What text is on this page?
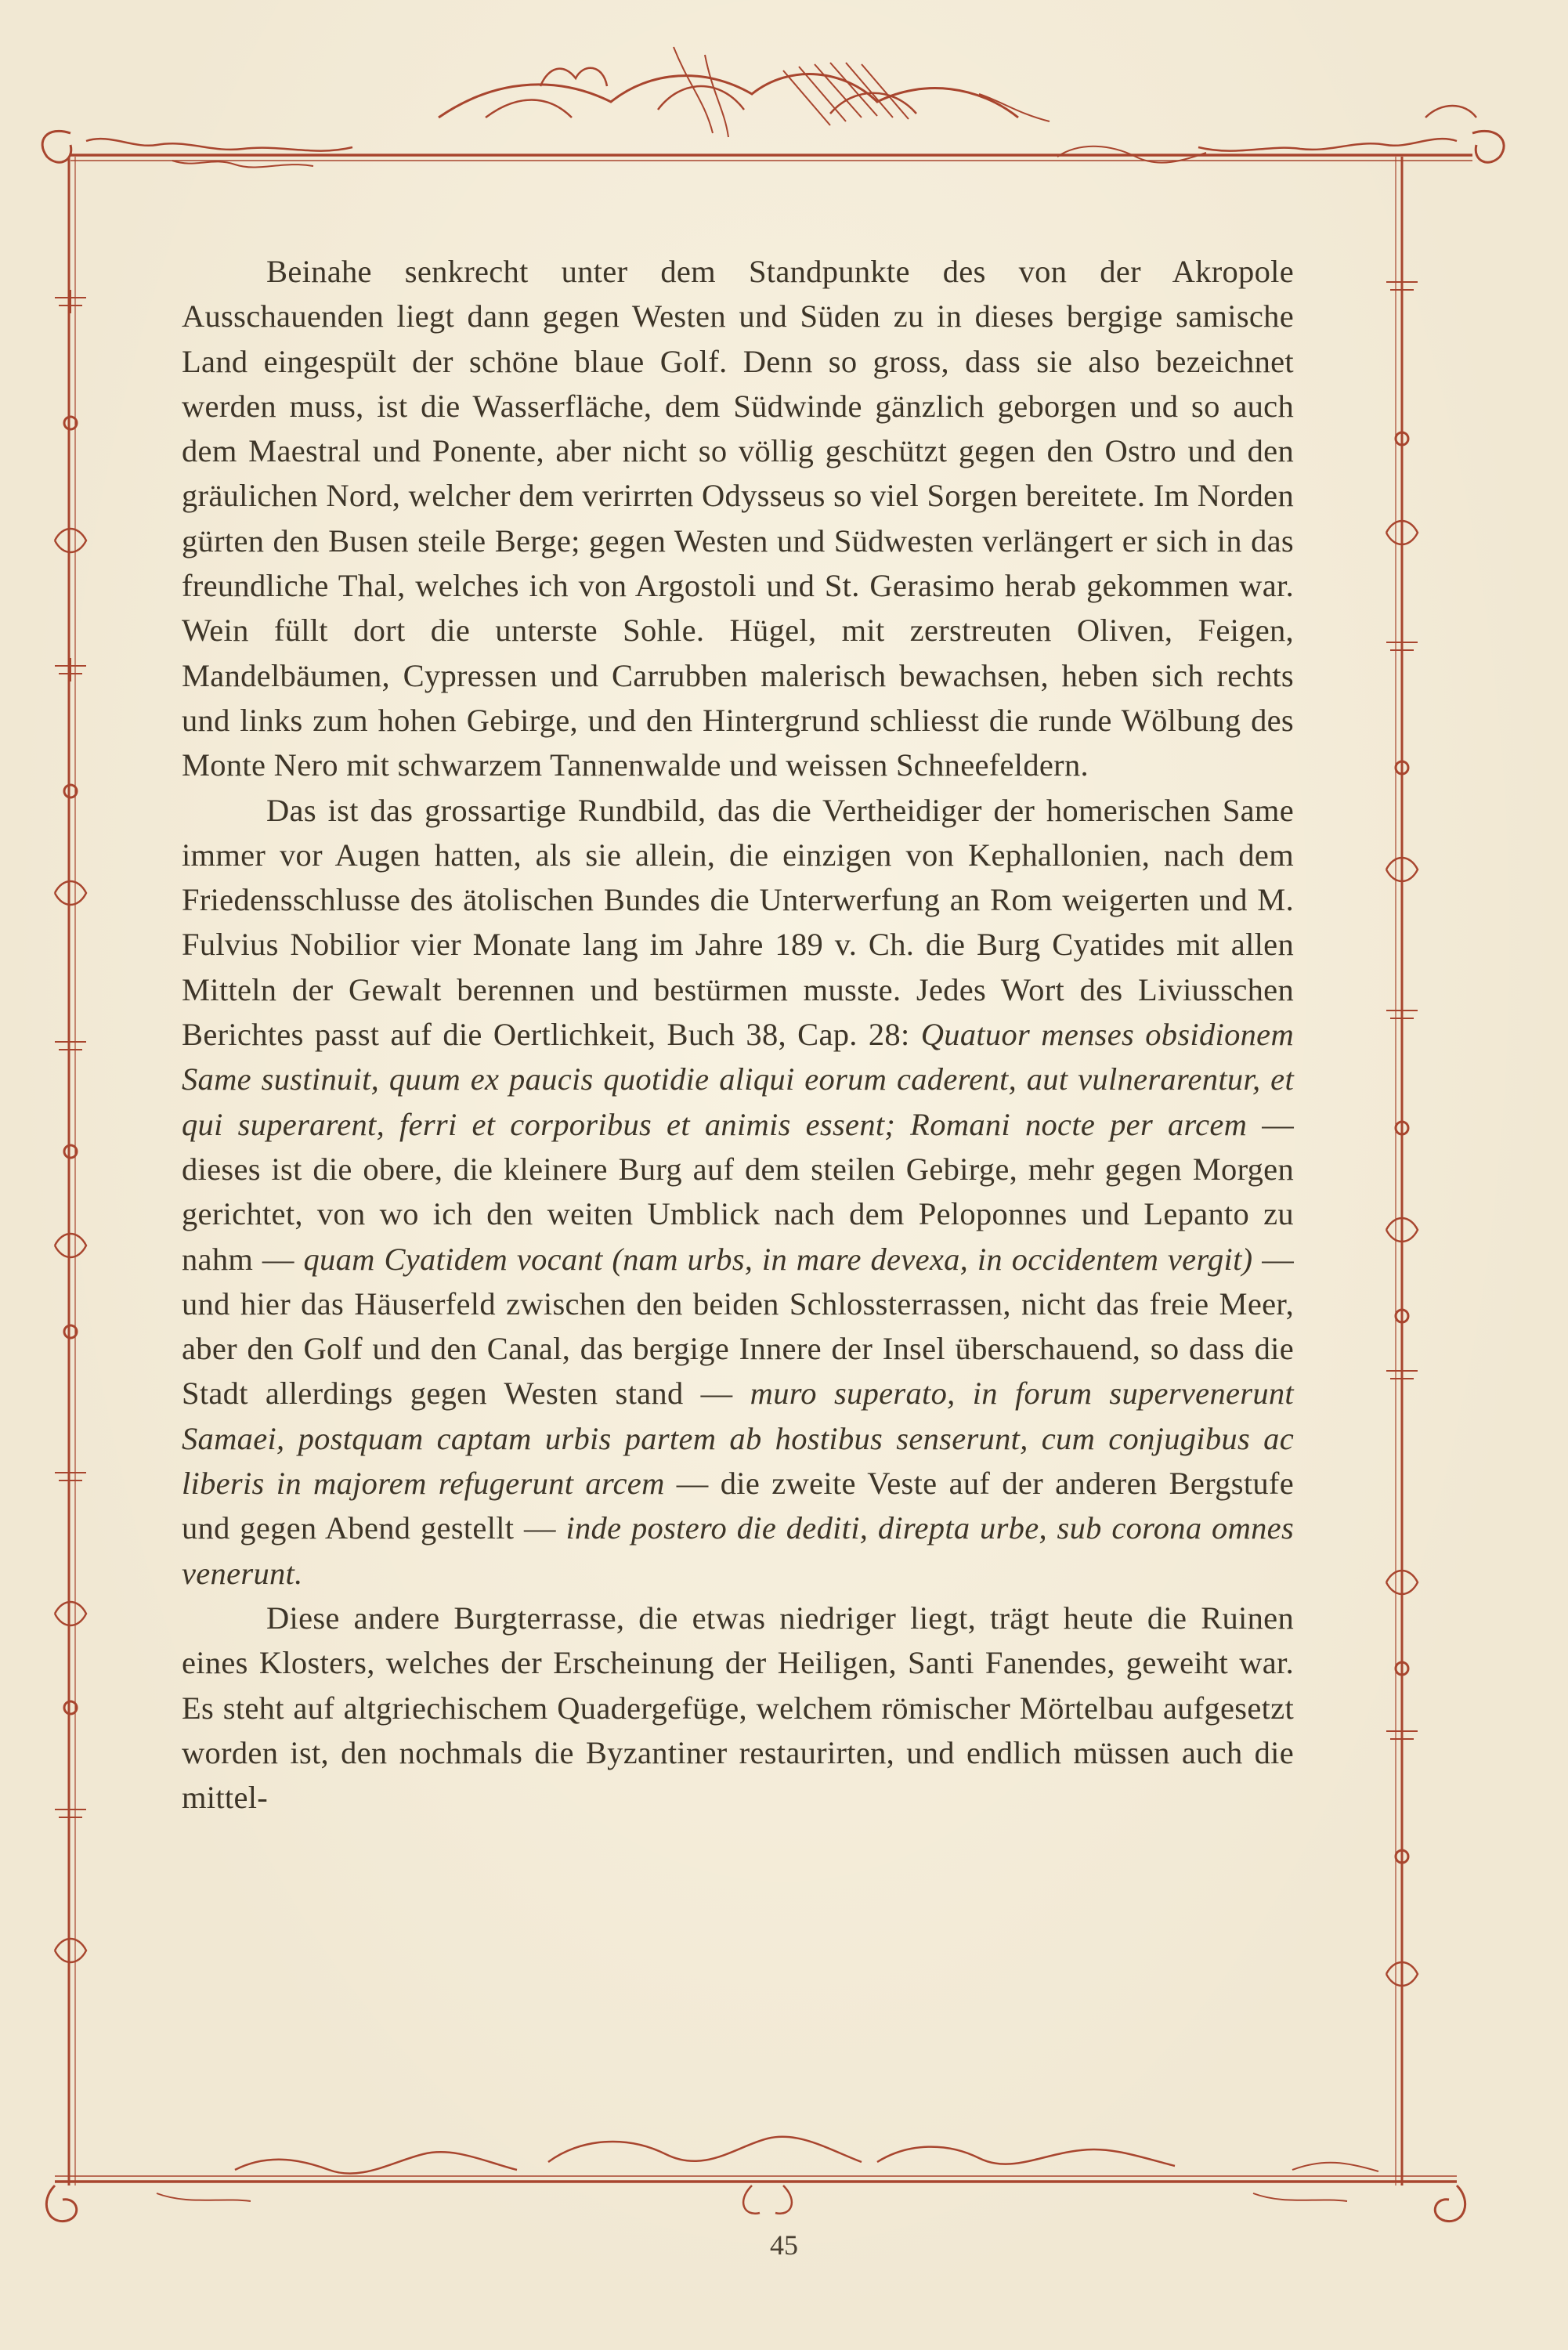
Beinahe senkrecht unter dem Standpunkte des von der Akropole Ausschauenden liegt dann gegen Westen und Süden zu in dieses bergige samische Land eingespült der schöne blaue Golf. Denn so gross, dass sie also bezeichnet werden muss, ist die Wasserfläche, dem Südwinde gänzlich geborgen und so auch dem Maestral und Ponente, aber nicht so völlig geschützt gegen den Ostro und den gräulichen Nord, welcher dem verirrten Odysseus so viel Sorgen bereitete. Im Norden gürten den Busen steile Berge; gegen Westen und Südwesten verlängert er sich in das freundliche Thal, welches ich von Argostoli und St. Gerasimo herab gekommen war. Wein füllt dort die unterste Sohle. Hügel, mit zerstreuten Oliven, Feigen, Mandelbäumen, Cypressen und Carrubben malerisch bewachsen, heben sich rechts und links zum hohen Gebirge, und den Hintergrund schliesst die runde Wölbung des Monte Nero mit schwarzem Tannenwalde und weissen Schneefeldern.

Das ist das grossartige Rundbild, das die Vertheidiger der homerischen Same immer vor Augen hatten, als sie allein, die einzigen von Kephallonien, nach dem Friedensschlusse des ätolischen Bundes die Unterwerfung an Rom weigerten und M. Fulvius Nobilior vier Monate lang im Jahre 189 v. Ch. die Burg Cyatides mit allen Mitteln der Gewalt berennen und bestürmen musste. Jedes Wort des Liviusschen Berichtes passt auf die Oertlichkeit, Buch 38, Cap. 28: Quatuor menses obsidionem Same sustinuit, quum ex paucis quotidie aliqui eorum caderent, aut vulnerarentur, et qui superarent, ferri et corporibus et animis essent; Romani nocte per arcem — dieses ist die obere, die kleinere Burg auf dem steilen Gebirge, mehr gegen Morgen gerichtet, von wo ich den weiten Umblick nach dem Peloponnes und Lepanto zu nahm — quam Cyatidem vocant (nam urbs, in mare devexa, in occidentem vergit) — und hier das Häuserfeld zwischen den beiden Schlossterrassen, nicht das freie Meer, aber den Golf und den Canal, das bergige Innere der Insel überschauend, so dass die Stadt allerdings gegen Westen stand — muro superato, in forum supervenerunt Samaei, postquam captam urbis partem ab hostibus senserunt, cum conjugibus ac liberis in majorem refugerunt arcem — die zweite Veste auf der anderen Bergstufe und gegen Abend gestellt — inde postero die dediti, direpta urbe, sub corona omnes venerunt.

Diese andere Burgterrasse, die etwas niedriger liegt, trägt heute die Ruinen eines Klosters, welches der Erscheinung der Heiligen, Santi Fanendes, geweiht war. Es steht auf altgriechischem Quadergefüge, welchem römischer Mörtelbau aufgesetzt worden ist, den nochmals die Byzantiner restaurirten, und endlich müssen auch die mittel-

45
